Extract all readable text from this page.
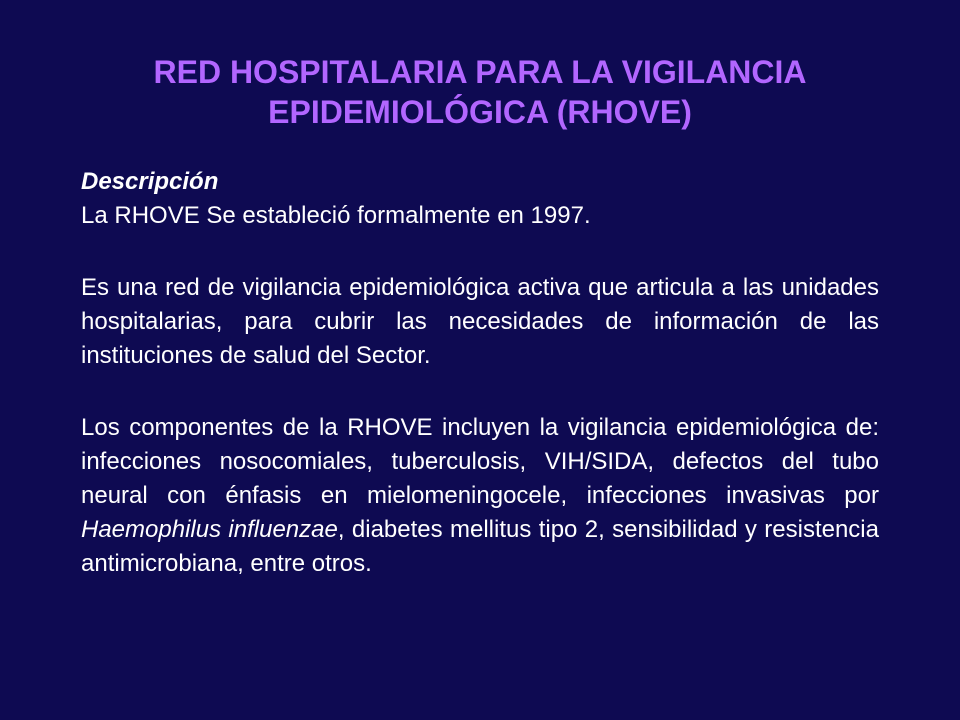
RED HOSPITALARIA PARA LA VIGILANCIA
EPIDEMIOLÓGICA (RHOVE)

Descripción

La RHOVE Se estableció formalmente en 1997.

Es una red de vigilancia epidemiológica activa que articula a las unidades hospitalarias, para cubrir las necesidades de información de las instituciones de salud del Sector.

Los componentes de la RHOVE incluyen la vigilancia epidemiológica de: infecciones nosocomiales, tuberculosis, VIH/SIDA, defectos del tubo neural con énfasis en mielomeningocele, infecciones invasivas por Haemophilus influenzae, diabetes mellitus tipo 2, sensibilidad y resistencia antimicrobiana, entre otros.
